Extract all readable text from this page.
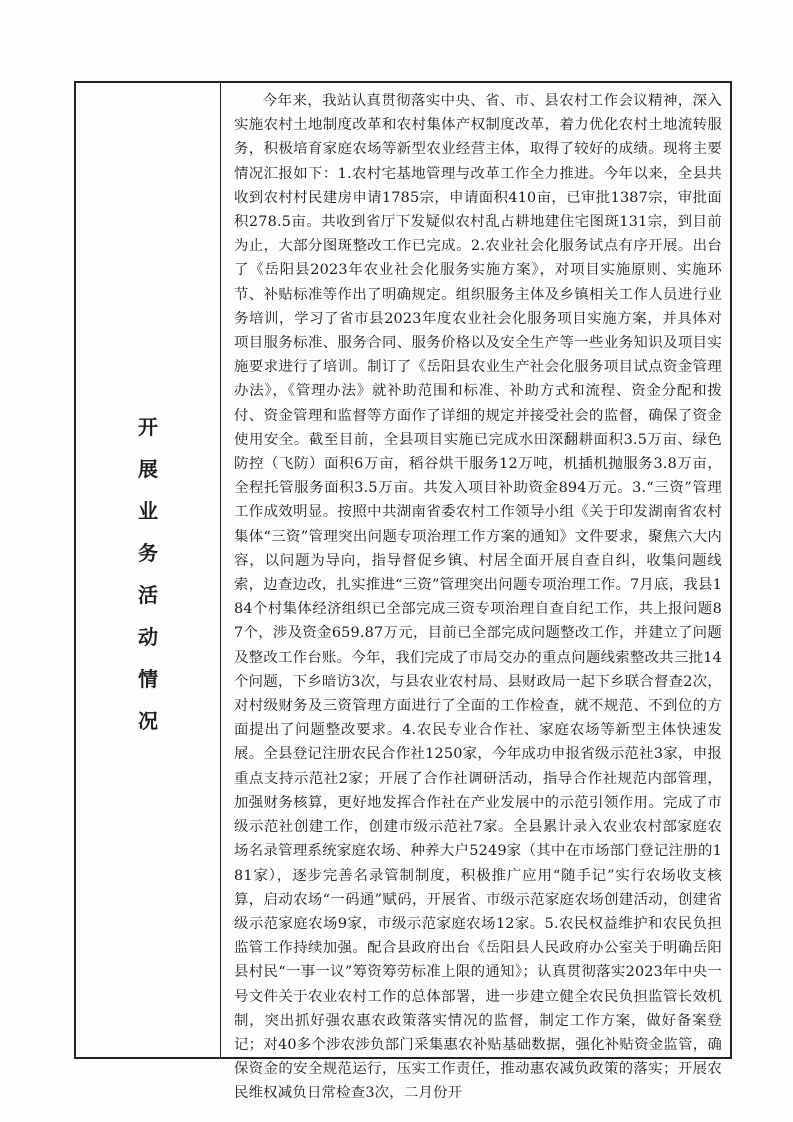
开展业务活动情况

今年来，我站认真贯彻落实中央、省、市、县农村工作会议精神，深入实施农村土地制度改革和农村集体产权制度改革，着力优化农村土地流转服务，积极培育家庭农场等新型农业经营主体，取得了较好的成绩。现将主要情况汇报如下：1.农村宅基地管理与改革工作全力推进。今年以来，全县共收到农村村民建房申请1785宗，申请面积410亩，已审批1387宗，审批面积278.5亩。共收到省厅下发疑似农村乱占耕地建住宅图斑131宗，到目前为止，大部分图斑整改工作已完成。2.农业社会化服务试点有序开展。出台了《岳阳县2023年农业社会化服务实施方案》，对项目实施原则、实施环节、补贴标准等作出了明确规定。组织服务主体及乡镇相关工作人员进行业务培训，学习了省市县2023年度农业社会化服务项目实施方案，并具体对项目服务标准、服务合同、服务价格以及安全生产等一些业务知识及项目实施要求进行了培训。制订了《岳阳县农业生产社会化服务项目试点资金管理办法》，《管理办法》就补助范围和标准、补助方式和流程、资金分配和拨付、资金管理和监督等方面作了详细的规定并接受社会的监督，确保了资金使用安全。截至目前，全县项目实施已完成水田深翻耕面积3.5万亩、绿色防控（飞防）面积6万亩，稻谷烘干服务12万吨，机插机抛服务3.8万亩，全程托管服务面积3.5万亩。共发入项目补助资金894万元。3.“三资”管理工作成效明显。按照中共湖南省委农村工作领导小组《关于印发湖南省农村集体“三资”管理突出问题专项治理工作方案的通知》文件要求，聚焦六大内容，以问题为导向，指导督促乡镇、村居全面开展自查自纠，收集问题线索，边查边改，扎实推进“三资”管理突出问题专项治理工作。7月底，我县184个村集体经济组织已全部完成三资专项治理自查自纪工作，共上报问题87个，涉及资金659.87万元，目前已全部完成问题整改工作，并建立了问题及整改工作台账。今年，我们完成了市局交办的重点问题线索整改共三批14个问题，下乡暗访3次，与县农业农村局、县财政局一起下乡联合督查2次，对村级财务及三资管理方面进行了全面的工作检查，就不规范、不到位的方面提出了问题整改要求。4.农民专业合作社、家庭农场等新型主体快速发展。全县登记注册农民合作社1250家，今年成功申报省级示范社3家，申报重点支持示范社2家；开展了合作社调研活动，指导合作社规范内部管理，加强财务核算，更好地发挥合作社在产业发展中的示范引领作用。完成了市级示范社创建工作，创建市级示范社7家。全县累计录入农业农村部家庭农场名录管理系统家庭农场、种养大户5249家（其中在市场部门登记注册的181家），逐步完善名录管制制度，积极推广应用“随手记”实行农场收支核算，启动农场“一码通”赋码，开展省、市级示范家庭农场创建活动，创建省级示范家庭农场9家，市级示范家庭农场12家。5.农民权益维护和农民负担监管工作持续加强。配合县政府出台《岳阳县人民政府办公室关于明确岳阳县村民“一事一议”筹资筹劳标准上限的通知》；认真贯彻落实2023年中央一号文件关于农业农村工作的总体部署，进一步建立健全农民负担监管长效机制，突出抓好强农惠农政策落实情况的监督，制定工作方案，做好备案登记；对40多个涉农涉负部门采集惠农补贴基础数据，强化补贴资金监管，确保资金的安全规范运行，压实工作责任，推动惠农减负政策的落实；开展农民维权减负日常检查3次，二月份开
